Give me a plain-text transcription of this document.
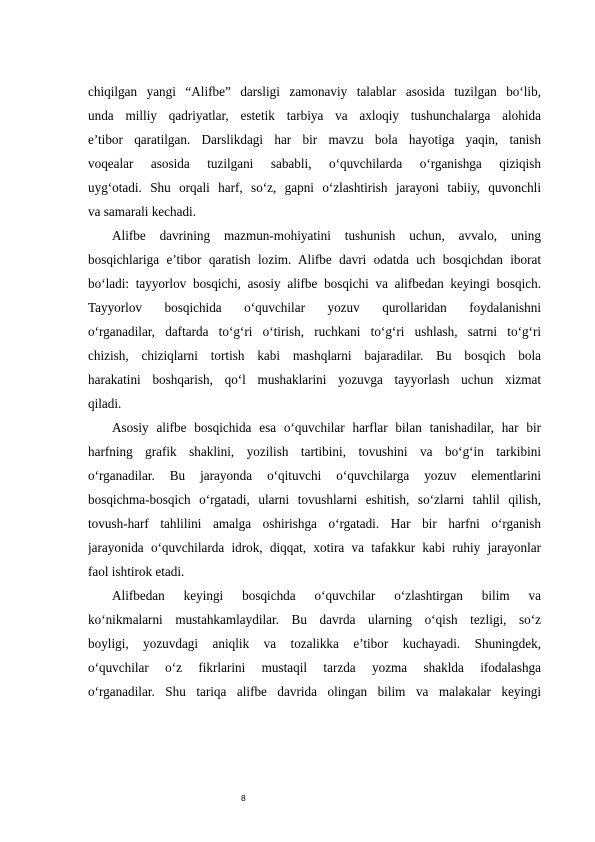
chiqilgan yangi “Alifbe” darsligi zamonaviy talablar asosida tuzilgan bo‘lib,
unda milliy qadriyatlar, estetik tarbiya va axloqiy tushunchalarga alohida
e’tibor qaratilgan. Darslikdagi har bir mavzu bola hayotiga yaqin, tanish
voqealar asosida tuzilgani sababli, o‘quvchilarda o‘rganishga qiziqish
uyg‘otadi. Shu orqali harf, so‘z, gapni o‘zlashtirish jarayoni tabiiy, quvonchli
va samarali kechadi.
Alifbe davrining mazmun-mohiyatini tushunish uchun, avvalo, uning
bosqichlariga e’tibor qaratish lozim. Alifbe davri odatda uch bosqichdan iborat
bo‘ladi: tayyorlov bosqichi, asosiy alifbe bosqichi va alifbedan keyingi bosqich.
Tayyorlov bosqichida o‘quvchilar yozuv qurollaridan foydalanishni
o‘rganadilar, daftarda to‘g‘ri o‘tirish, ruchkani to‘g‘ri ushlash, satrni to‘g‘ri
chizish, chiziqlarni tortish kabi mashqlarni bajaradilar. Bu bosqich bola
harakatini boshqarish, qo‘l mushaklarini yozuvga tayyorlash uchun xizmat
qiladi.
Asosiy alifbe bosqichida esa o‘quvchilar harflar bilan tanishadilar, har bir
harfning grafik shaklini, yozilish tartibini, tovushini va bo‘g‘in tarkibini
o‘rganadilar. Bu jarayonda o‘qituvchi o‘quvchilarga yozuv elementlarini
bosqichma-bosqich o‘rgatadi, ularni tovushlarni eshitish, so‘zlarni tahlil qilish,
tovush-harf tahlilini amalga oshirishga o‘rgatadi. Har bir harfni o‘rganish
jarayonida o‘quvchilarda idrok, diqqat, xotira va tafakkur kabi ruhiy jarayonlar
faol ishtirok etadi.
Alifbedan keyingi bosqichda o‘quvchilar o‘zlashtirgan bilim va
ko‘nikmalarni mustahkamlaydilar. Bu davrda ularning o‘qish tezligi, so‘z
boyligi, yozuvdagi aniqlik va tozalikka e’tibor kuchayadi. Shuningdek,
o‘quvchilar o‘z fikrlarini mustaqil tarzda yozma shaklda ifodalashga
o‘rganadilar. Shu tariqa alifbe davrida olingan bilim va malakalar keyingi
8
